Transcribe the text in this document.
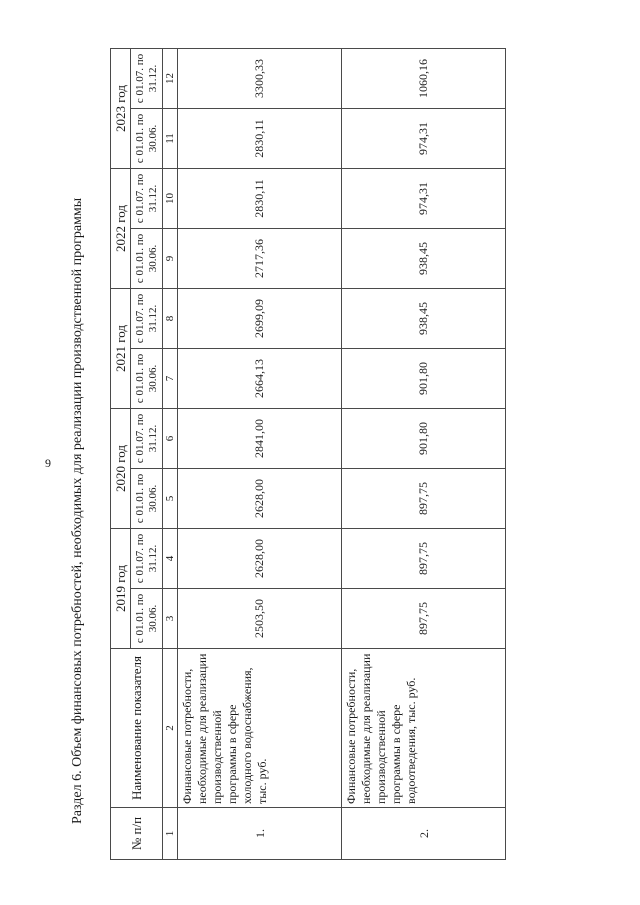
9 Раздел 6. Объем финансовых потребностей, необходимых для реализации производственной программы
№ п/п	Наименование показателя	2019 год		2020 год		2021 год		2022 год		2023 год	
		с 01.01. по 30.06.	с 01.07. по 31.12.	с 01.01. по 30.06.	с 01.07. по 31.12.	с 01.01. по 30.06.	с 01.07. по 31.12.	с 01.01. по 30.06.	с 01.07. по 31.12.	с 01.01. по 30.06.	с 01.07. по 31.12.
1	2	3	4	5	6	7	8	9	10	11	12
1.	Финансовые потребности, необходимые для реализации производственной программы в сфере холодного водоснабжения, тыс. руб.	2503,50	2628,00	2628,00	2841,00	2664,13	2699,09	2717,36	2830,11	2830,11	3300,33
2.	Финансовые потребности, необходимые для реализации производственной программы в сфере водоотведения, тыс. руб.	897,75	897,75	897,75	901,80	901,80	938,45	938,45	974,31	974,31	1060,16
